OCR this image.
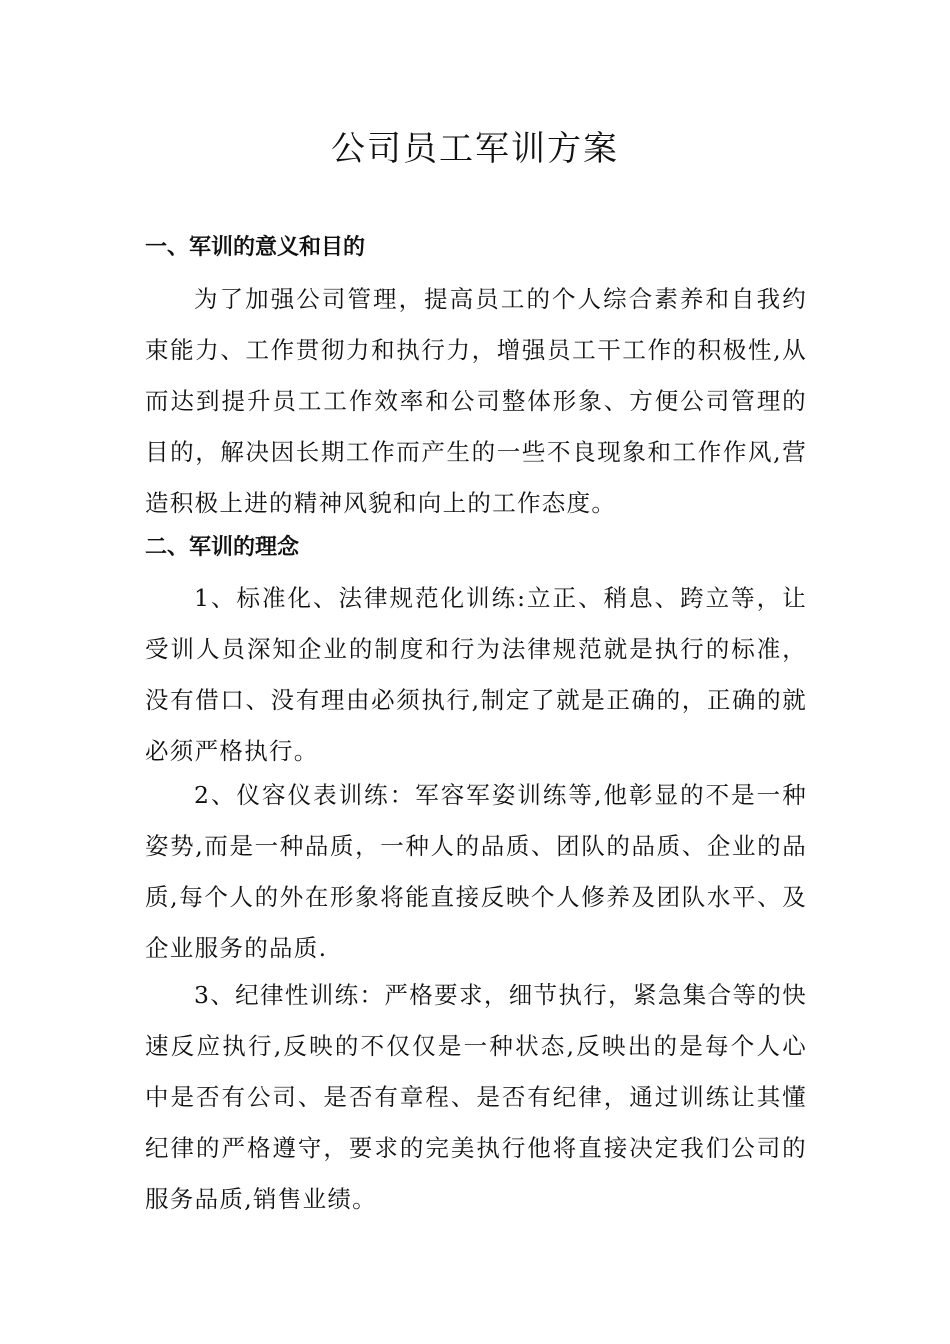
公司员工军训方案
一、军训的意义和目的

为了加强公司管理，提高员工的个人综合素养和自我约束能力、工作贯彻力和执行力，增强员工干工作的积极性,从而达到提升员工工作效率和公司整体形象、方便公司管理的目的，解决因长期工作而产生的一些不良现象和工作作风,营造积极上进的精神风貌和向上的工作态度。

二、军训的理念

1、标准化、法律规范化训练:立正、稍息、跨立等，让受训人员深知企业的制度和行为法律规范就是执行的标准，没有借口、没有理由必须执行,制定了就是正确的，正确的就必须严格执行。

2、仪容仪表训练：军容军姿训练等,他彰显的不是一种姿势,而是一种品质，一种人的品质、团队的品质、企业的品质,每个人的外在形象将能直接反映个人修养及团队水平、及企业服务的品质.

3、纪律性训练：严格要求，细节执行，紧急集合等的快速反应执行,反映的不仅仅是一种状态,反映出的是每个人心中是否有公司、是否有章程、是否有纪律，通过训练让其懂纪律的严格遵守，要求的完美执行他将直接决定我们公司的服务品质,销售业绩。
